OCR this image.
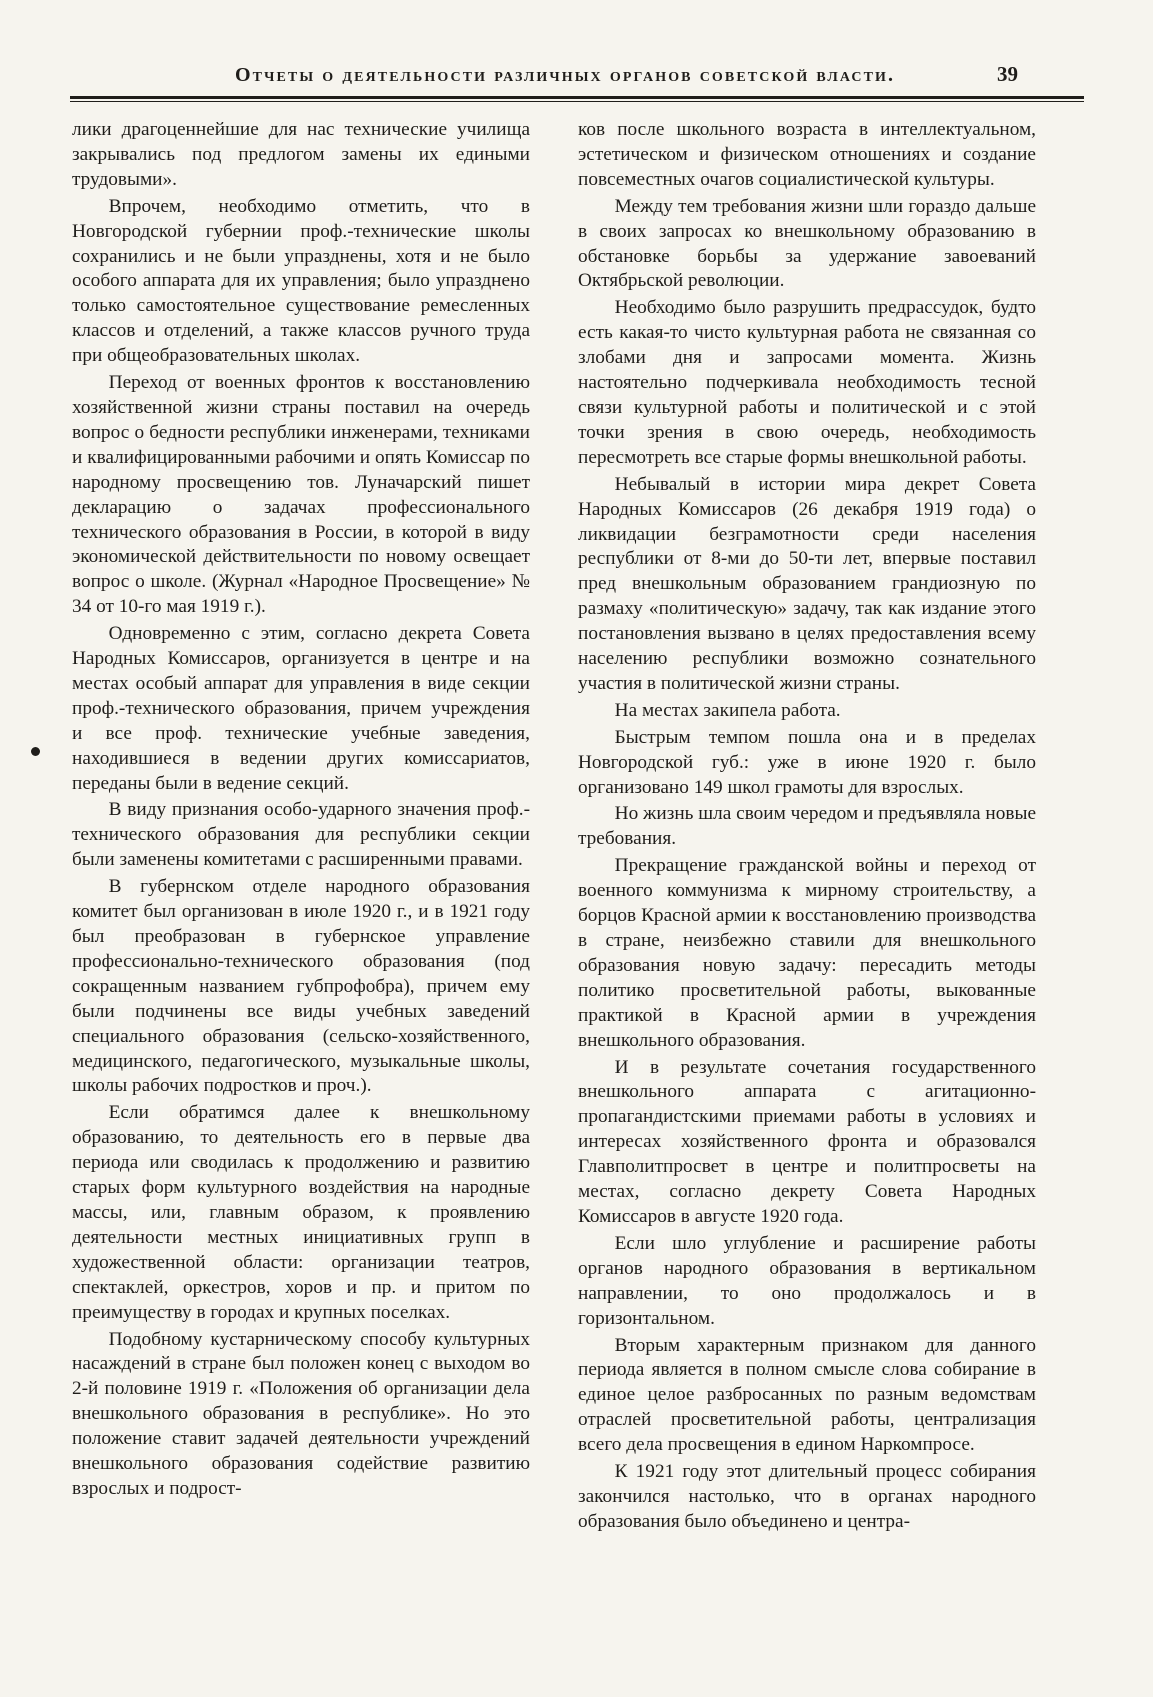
Отчеты о деятельности различных органов советской власти.	39

лики драгоценнейшие для нас технические училища закрывались под предлогом замены их едиными трудовыми».

Впрочем, необходимо отметить, что в Новгородской губернии проф.-технические школы сохранились и не были упразднены, хотя и не было особого аппарата для их управления; было упразднено только самостоятельное существование ремесленных классов и отделений, а также классов ручного труда при общеобразовательных школах.

Переход от военных фронтов к восстановлению хозяйственной жизни страны поставил на очередь вопрос о бедности республики инженерами, техниками и квалифицированными рабочими и опять Комиссар по народному просвещению тов. Луначарский пишет декларацию о задачах профессионального технического образования в России, в которой в виду экономической действительности по новому освещает вопрос о школе. (Журнал «Народное Просвещение» № 34 от 10-го мая 1919 г.).

Одновременно с этим, согласно декрета Совета Народных Комиссаров, организуется в центре и на местах особый аппарат для управления в виде секции проф.-технического образования, причем учреждения и все проф. технические учебные заведения, находившиеся в ведении других комиссариатов, переданы были в ведение секций.

В виду признания особо-ударного значения проф.-технического образования для республики секции были заменены комитетами с расширенными правами.

В губернском отделе народного образования комитет был организован в июле 1920 г., и в 1921 году был преобразован в губернское управление профессионально-технического образования (под сокращенным названием губпрофобра), причем ему были подчинены все виды учебных заведений специального образования (сельско-хозяйственного, медицинского, педагогического, музыкальные школы, школы рабочих подростков и проч.).

Если обратимся далее к внешкольному образованию, то деятельность его в первые два периода или сводилась к продолжению и развитию старых форм культурного воздействия на народные массы, или, главным образом, к проявлению деятельности местных инициативных групп в художественной области: организации театров, спектаклей, оркестров, хоров и пр. и притом по преимуществу в городах и крупных поселках.

Подобному кустарническому способу культурных насаждений в стране был положен конец с выходом во 2-й половине 1919 г. «Положения об организации дела внешкольного образования в республике». Но это положение ставит задачей деятельности учреждений внешкольного образования содействие развитию взрослых и подрост-

ков после школьного возраста в интеллектуальном, эстетическом и физическом отношениях и создание повсеместных очагов социалистической культуры.

Между тем требования жизни шли гораздо дальше в своих запросах ко внешкольному образованию в обстановке борьбы за удержание завоеваний Октябрьской революции.

Необходимо было разрушить предрассудок, будто есть какая-то чисто культурная работа не связанная со злобами дня и запросами момента. Жизнь настоятельно подчеркивала необходимость тесной связи культурной работы и политической и с этой точки зрения в свою очередь, необходимость пересмотреть все старые формы внешкольной работы.

Небывалый в истории мира декрет Совета Народных Комиссаров (26 декабря 1919 года) о ликвидации безграмотности среди населения республики от 8-ми до 50-ти лет, впервые поставил пред внешкольным образованием грандиозную по размаху «политическую» задачу, так как издание этого постановления вызвано в целях предоставления всему населению республики возможно сознательного участия в политической жизни страны.

На местах закипела работа.

Быстрым темпом пошла она и в пределах Новгородской губ.: уже в июне 1920 г. было организовано 149 школ грамоты для взрослых.

Но жизнь шла своим чередом и предъявляла новые требования.

Прекращение гражданской войны и переход от военного коммунизма к мирному строительству, а борцов Красной армии к восстановлению производства в стране, неизбежно ставили для внешкольного образования новую задачу: пересадить методы политико просветительной работы, выкованные практикой в Красной армии в учреждения внешкольного образования.

И в результате сочетания государственного внешкольного аппарата с агитационно-пропагандистскими приемами работы в условиях и интересах хозяйственного фронта и образовался Главполитпросвет в центре и политпросветы на местах, согласно декрету Совета Народных Комиссаров в августе 1920 года.

Если шло углубление и расширение работы органов народного образования в вертикальном направлении, то оно продолжалось и в горизонтальном.

Вторым характерным признаком для данного периода является в полном смысле слова собирание в единое целое разбросанных по разным ведомствам отраслей просветительной работы, централизация всего дела просвещения в едином Наркомпросе.

К 1921 году этот длительный процесс собирания закончился настолько, что в органах народного образования было объединено и центра-
